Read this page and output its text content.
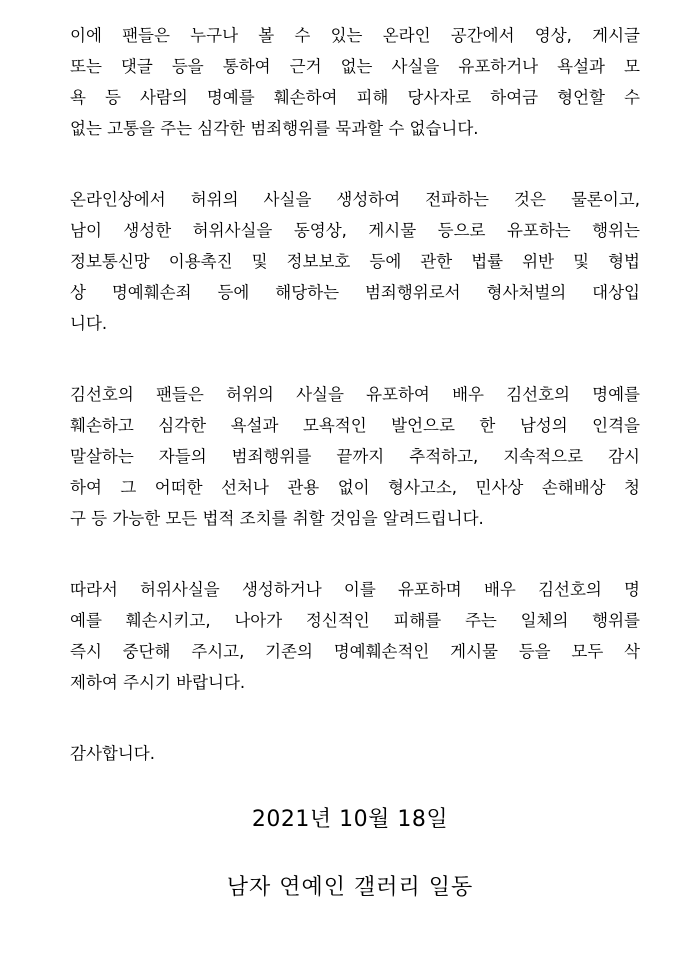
이에 팬들은 누구나 볼 수 있는 온라인 공간에서 영상, 게시글
또는 댓글 등을 통하여 근거 없는 사실을 유포하거나 욕설과 모
욕 등 사람의 명예를 훼손하여 피해 당사자로 하여금 형언할 수
없는 고통을 주는 심각한 범죄행위를 묵과할 수 없습니다.
온라인상에서 허위의 사실을 생성하여 전파하는 것은 물론이고,
남이 생성한 허위사실을 동영상, 게시물 등으로 유포하는 행위는
정보통신망 이용촉진 및 정보보호 등에 관한 법률 위반 및 형법
상 명예훼손죄 등에 해당하는 범죄행위로서 형사처벌의 대상입
니다.
김선호의 팬들은 허위의 사실을 유포하여 배우 김선호의 명예를
훼손하고 심각한 욕설과 모욕적인 발언으로 한 남성의 인격을
말살하는 자들의 범죄행위를 끝까지 추적하고, 지속적으로 감시
하여 그 어떠한 선처나 관용 없이 형사고소, 민사상 손해배상 청
구 등 가능한 모든 법적 조치를 취할 것임을 알려드립니다.
따라서 허위사실을 생성하거나 이를 유포하며 배우 김선호의 명
예를 훼손시키고, 나아가 정신적인 피해를 주는 일체의 행위를
즉시 중단해 주시고, 기존의 명예훼손적인 게시물 등을 모두 삭
제하여 주시기 바랍니다.
감사합니다.
2021년 10월 18일
남자 연예인 갤러리 일동
